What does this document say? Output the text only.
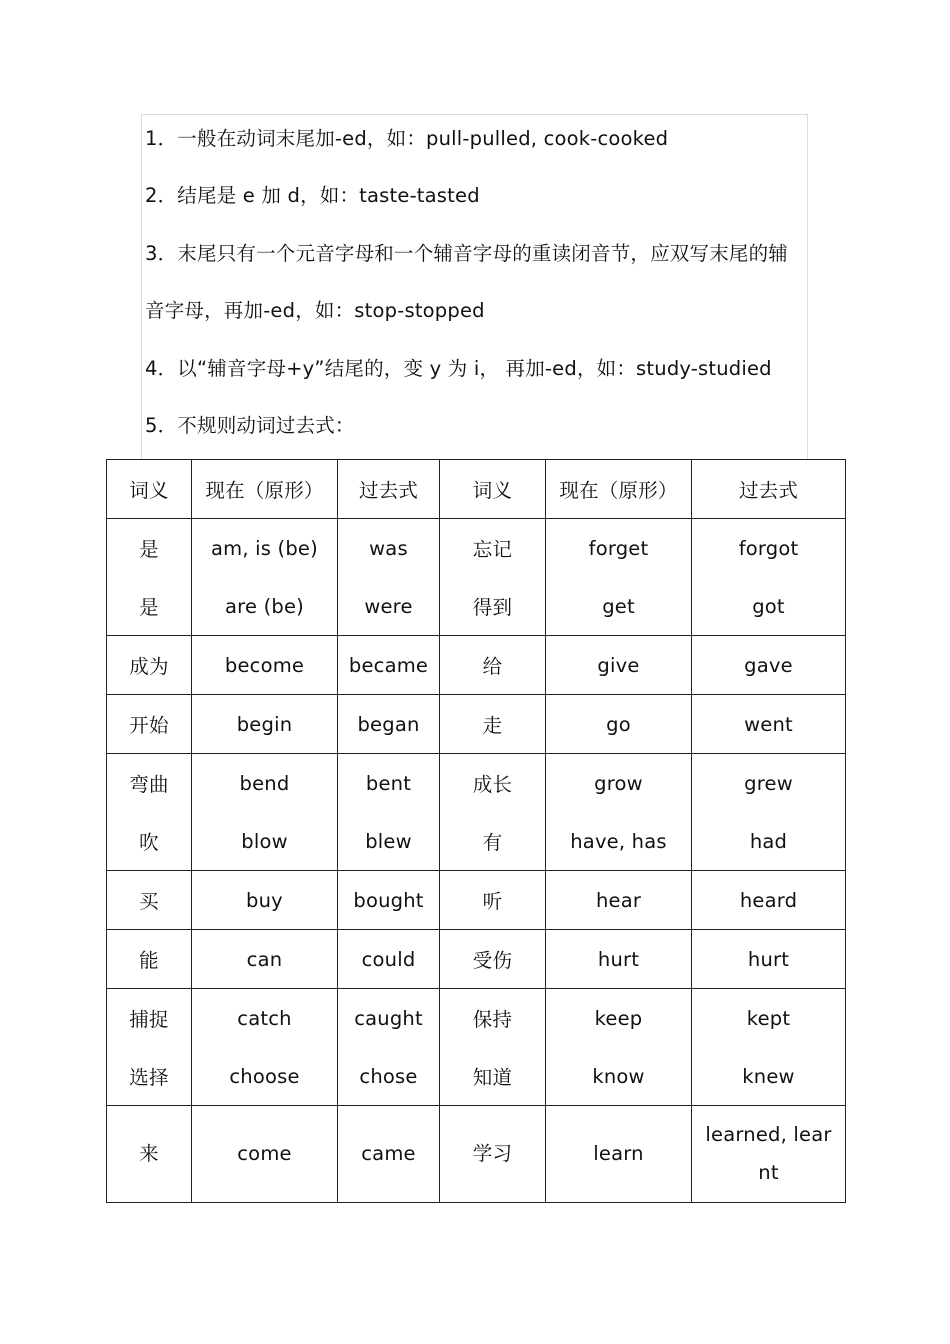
1．一般在动词末尾加-ed，如：pull-pulled, cook-cooked
2．结尾是 e 加 d，如：taste-tasted
3．末尾只有一个元音字母和一个辅音字母的重读闭音节，应双写末尾的辅
音字母，再加-ed，如：stop-stopped
4．以“辅音字母+y”结尾的，变 y 为 i， 再加-ed，如：study-studied
5．不规则动词过去式：
词义	现在（原形）	过去式	词义	现在（原形）	过去式
是	am, is (be)	was	忘记	forget	forgot
是	are (be)	were	得到	get	got
成为	become	became	给	give	gave
开始	begin	began	走	go	went
弯曲	bend	bent	成长	grow	grew
吹	blow	blew	有	have, has	had
买	buy	bought	听	hear	heard
能	can	could	受伤	hurt	hurt
捕捉	catch	caught	保持	keep	kept
选择	choose	chose	知道	know	knew
来	come	came	学习	learn	learned, learnt
